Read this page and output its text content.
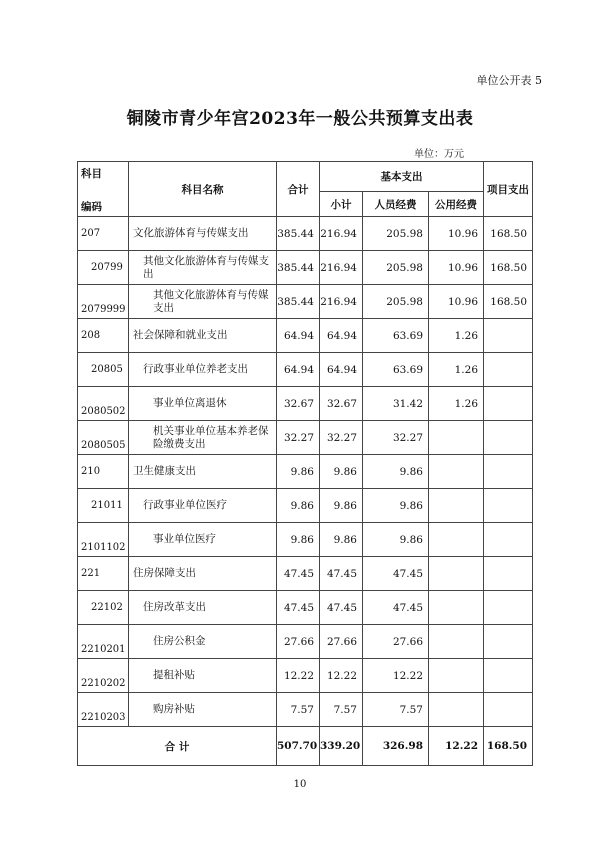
单位公开表 5
铜陵市青少年宫2023年一般公共预算支出表
单位：万元
科目
编码	科目名称	合计	基本支出			项目支出
			小计	人员经费	公用经费	
207	文化旅游体育与传媒支出	385.44	216.94	205.98	10.96	168.50
20799	其他文化旅游体育与传媒支出	385.44	216.94	205.98	10.96	168.50
2079999	其他文化旅游体育与传媒支出	385.44	216.94	205.98	10.96	168.50
208	社会保障和就业支出	64.94	64.94	63.69	1.26	
20805	行政事业单位养老支出	64.94	64.94	63.69	1.26	
2080502	事业单位离退休	32.67	32.67	31.42	1.26	
2080505	机关事业单位基本养老保险缴费支出	32.27	32.27	32.27		
210	卫生健康支出	9.86	9.86	9.86		
21011	行政事业单位医疗	9.86	9.86	9.86		
2101102	事业单位医疗	9.86	9.86	9.86		
221	住房保障支出	47.45	47.45	47.45		
22102	住房改革支出	47.45	47.45	47.45		
2210201	住房公积金	27.66	27.66	27.66		
2210202	提租补贴	12.22	12.22	12.22		
2210203	购房补贴	7.57	7.57	7.57		
合 计		507.70	339.20	326.98	12.22	168.50
10
